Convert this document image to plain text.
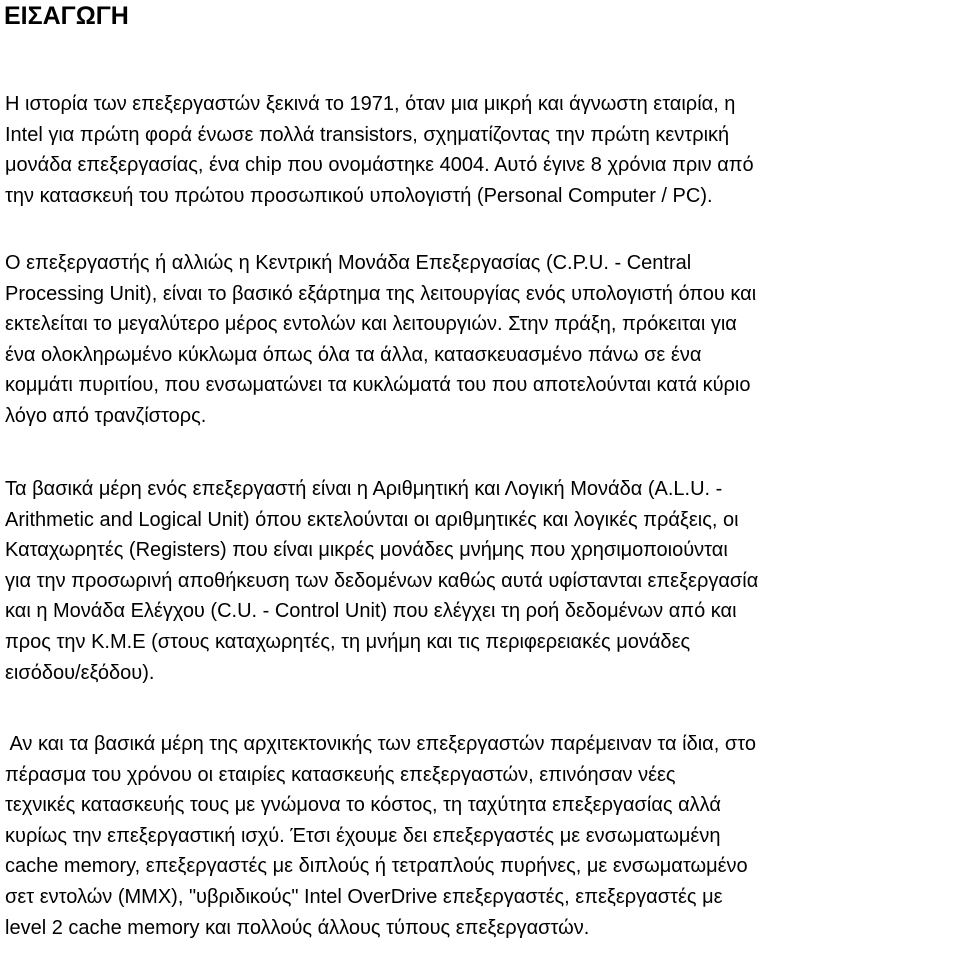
ΕΙΣΑΓΩΓΗ

Η ιστορία των επεξεργαστών ξεκινά το 1971, όταν μια μικρή και άγνωστη εταιρία, η
Intel για πρώτη φορά ένωσε πολλά transistors, σχηματίζοντας την πρώτη κεντρική
μονάδα επεξεργασίας, ένα chip που ονομάστηκε 4004. Αυτό έγινε 8 χρόνια πριν από
την κατασκευή του πρώτου προσωπικού υπολογιστή (Personal Computer / PC).

Ο επεξεργαστής ή αλλιώς η Κεντρική Μονάδα Επεξεργασίας (C.P.U. - Central
Processing Unit), είναι το βασικό εξάρτημα της λειτουργίας ενός υπολογιστή όπου και
εκτελείται το μεγαλύτερο μέρος εντολών και λειτουργιών. Στην πράξη, πρόκειται για
ένα ολοκληρωμένο κύκλωμα όπως όλα τα άλλα, κατασκευασμένο πάνω σε ένα
κομμάτι πυριτίου, που ενσωματώνει τα κυκλώματά του που αποτελούνται κατά κύριο
λόγο από τρανζίστορς.

Τα βασικά μέρη ενός επεξεργαστή είναι η Αριθμητική και Λογική Μονάδα (A.L.U. -
Arithmetic and Logical Unit) όπου εκτελούνται οι αριθμητικές και λογικές πράξεις, οι
Καταχωρητές (Registers) που είναι μικρές μονάδες μνήμης που χρησιμοποιούνται
για την προσωρινή αποθήκευση των δεδομένων καθώς αυτά υφίστανται επεξεργασία
και η Μονάδα Ελέγχου (C.U. - Control Unit) που ελέγχει τη ροή δεδομένων από και
προς την Κ.Μ.Ε (στους καταχωρητές, τη μνήμη και τις περιφερειακές μονάδες
εισόδου/εξόδου).

Αν και τα βασικά μέρη της αρχιτεκτονικής των επεξεργαστών παρέμειναν τα ίδια, στο
πέρασμα του χρόνου οι εταιρίες κατασκευής επεξεργαστών, επινόησαν νέες
τεχνικές κατασκευής τους με γνώμονα το κόστος, τη ταχύτητα επεξεργασίας αλλά
κυρίως την επεξεργαστική ισχύ. Έτσι έχουμε δει επεξεργαστές με ενσωματωμένη
cache memory, επεξεργαστές με διπλούς ή τετραπλούς πυρήνες, με ενσωματωμένο
σετ εντολών (MMX), "υβριδικούς" Intel OverDrive επεξεργαστές, επεξεργαστές με
level 2 cache memory και πολλούς άλλους τύπους επεξεργαστών.
